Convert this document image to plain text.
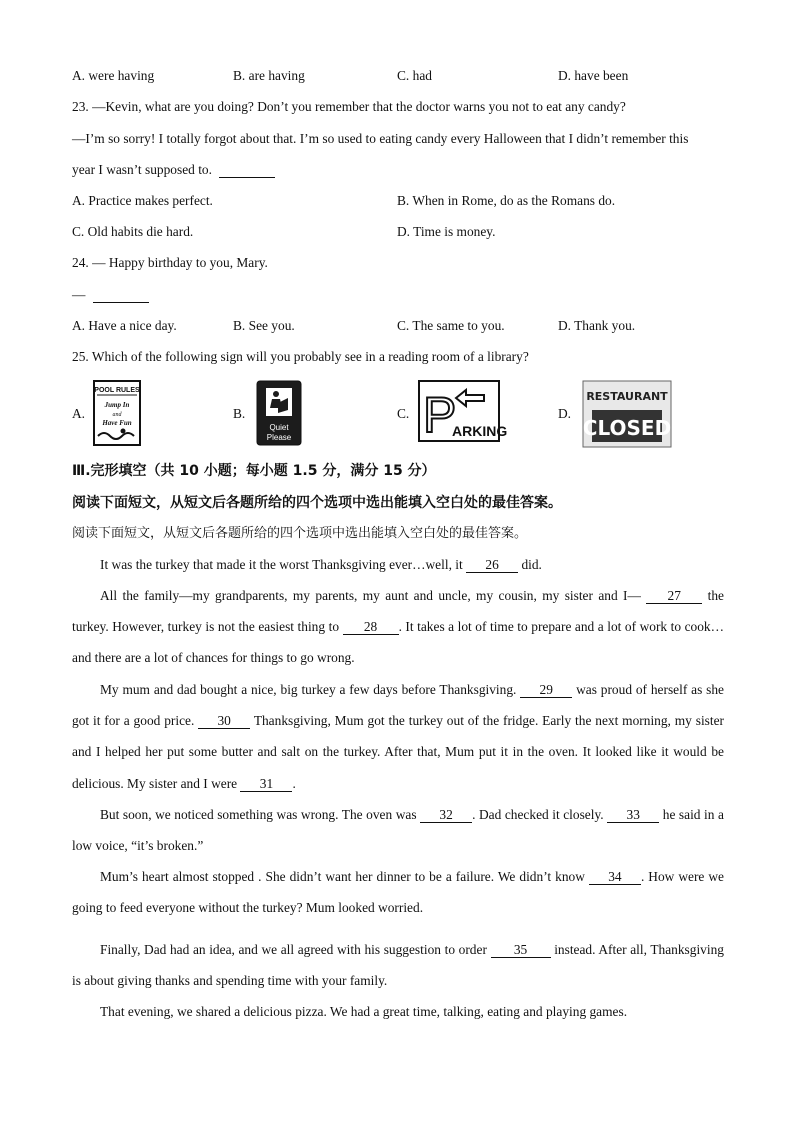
A. were having	B. are having	C. had	D. have been
23. —Kevin, what are you doing? Don’t you remember that the doctor warns you not to eat any candy?
—I’m so sorry! I totally forgot about that. I’m so used to eating candy every Halloween that I didn’t remember this
year I wasn’t supposed to.
A. Practice makes perfect.	B. When in Rome, do as the Romans do.
C. Old habits die hard.	D. Time is money.
24. — Happy birthday to you, Mary.
—
A. Have a nice day.	B. See you.	C. The same to you.	D. Thank you.
25. Which of the following sign will you probably see in a reading room of a library?
A.
POOL RULES
Jump In
and
Have Fun
B.
Quiet
Please
C. P
ARKING
D.
RESTAURANT
CLOSED
Ⅲ.完形填空（共 10 小题；每小题 1.5 分，满分 15 分）
阅读下面短文，从短文后各题所给的四个选项中选出能填入空白处的最佳答案。
阅读下面短文，从短文后各题所给的四个选项中选出能填入空白处的最佳答案。
It was the turkey that made it the worst Thanksgiving ever…well, it 26 did.
All the family—my grandparents, my parents, my aunt and uncle, my cousin, my sister and I— 27 the turkey. However, turkey is not the easiest thing to 28 . It takes a lot of time to prepare and a lot of work to cook…and there are a lot of chances for things to go wrong.
My mum and dad bought a nice, big turkey a few days before Thanksgiving. 29 was proud of herself as she got it for a good price. 30 Thanksgiving, Mum got the turkey out of the fridge. Early the next morning, my sister and I helped her put some butter and salt on the turkey. After that, Mum put it in the oven. It looked like it would be delicious. My sister and I were 31 .
But soon, we noticed something was wrong. The oven was 32 . Dad checked it closely. 33 he said in a low voice, “it’s broken.”
Mum’s heart almost stopped . She didn’t want her dinner to be a failure. We didn’t know 34 . How were we going to feed everyone without the turkey? Mum looked worried.
Finally, Dad had an idea, and we all agreed with his suggestion to order 35 instead. After all, Thanksgiving is about giving thanks and spending time with your family.
That evening, we shared a delicious pizza. We had a great time, talking, eating and playing games.
